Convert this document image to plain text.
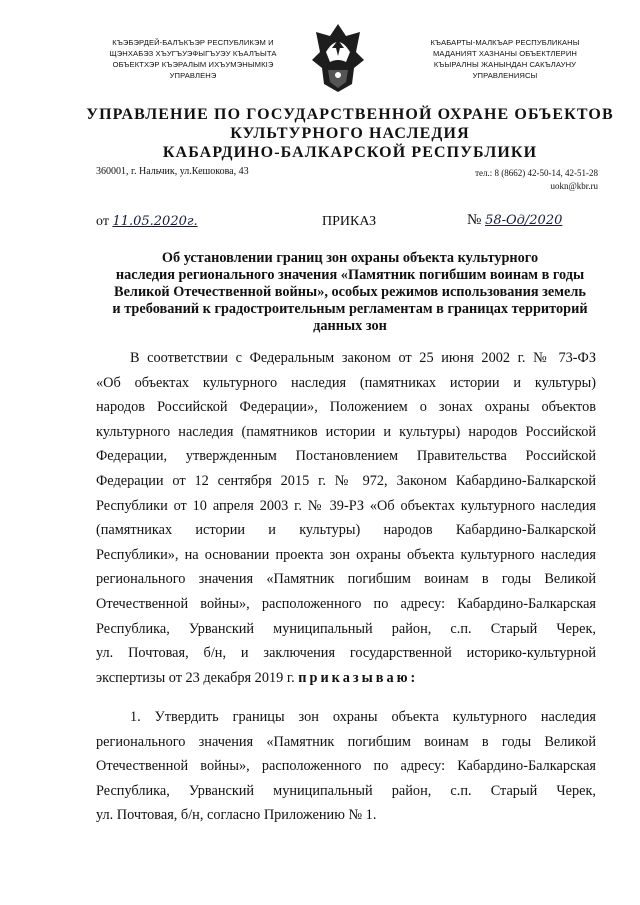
КЪЭБЭРДЕЙ-БАЛЪКЪЭР РЕСПУБЛИКЭМ И
ЩЭНХАБЭЗ ХЪУГЪУЭФЫГЪУЭУ КЪАЛЪЫТА
ОБЪЕКТХЭР КЪЭРАЛЫМ ИХЪУМЭНЫМКIЭ
УПРАВЛЕНЭ
КЪАБАРТЫ-МАЛКЪАР РЕСПУБЛИКАНЫ
МАДАНИЯТ ХАЗНАНЫ ОБЪЕКТЛЕРИН
КЪЫРАЛНЫ ЖАНЫНДАН САКЪЛАУНУ
УПРАВЛЕНИЯСЫ
УПРАВЛЕНИЕ ПО ГОСУДАРСТВЕННОЙ ОХРАНЕ ОБЪЕКТОВ
КУЛЬТУРНОГО НАСЛЕДИЯ
КАБАРДИНО-БАЛКАРСКОЙ РЕСПУБЛИКИ
360001, г. Нальчик, ул.Кешокова, 43	тел.: 8 (8662) 42-50-14, 42-51-28
uokn@kbr.ru
от 11.05.2020г.	ПРИКАЗ	№ 58-Од/2020
Об установлении границ зон охраны объекта культурного
наследия регионального значения «Памятник погибшим воинам в годы
Великой Отечественной войны», особых режимов использования земель
и требований к градостроительным регламентам в границах территорий
данных зон
В соответствии с Федеральным законом от 25 июня 2002 г. № 73-ФЗ
«Об объектах культурного наследия (памятниках истории и культуры)
народов Российской Федерации», Положением о зонах охраны объектов
культурного наследия (памятников истории и культуры) народов Российской
Федерации, утвержденным Постановлением Правительства Российской
Федерации от 12 сентября 2015 г. № 972, Законом Кабардино-Балкарской
Республики от 10 апреля 2003 г. № 39-РЗ «Об объектах культурного наследия
(памятниках истории и культуры) народов Кабардино-Балкарской
Республики», на основании проекта зон охраны объекта культурного наследия
регионального значения «Памятник погибшим воинам в годы Великой
Отечественной войны», расположенного по адресу: Кабардино-Балкарская
Республика, Урванский муниципальный район, с.п. Старый Черек,
ул. Почтовая, б/н, и заключения государственной историко-культурной
экспертизы от 23 декабря 2019 г. приказываю:
1. Утвердить границы зон охраны объекта культурного наследия
регионального значения «Памятник погибшим воинам в годы Великой
Отечественной войны», расположенного по адресу: Кабардино-Балкарская
Республика, Урванский муниципальный район, с.п. Старый Черек,
ул. Почтовая, б/н, согласно Приложению № 1.
